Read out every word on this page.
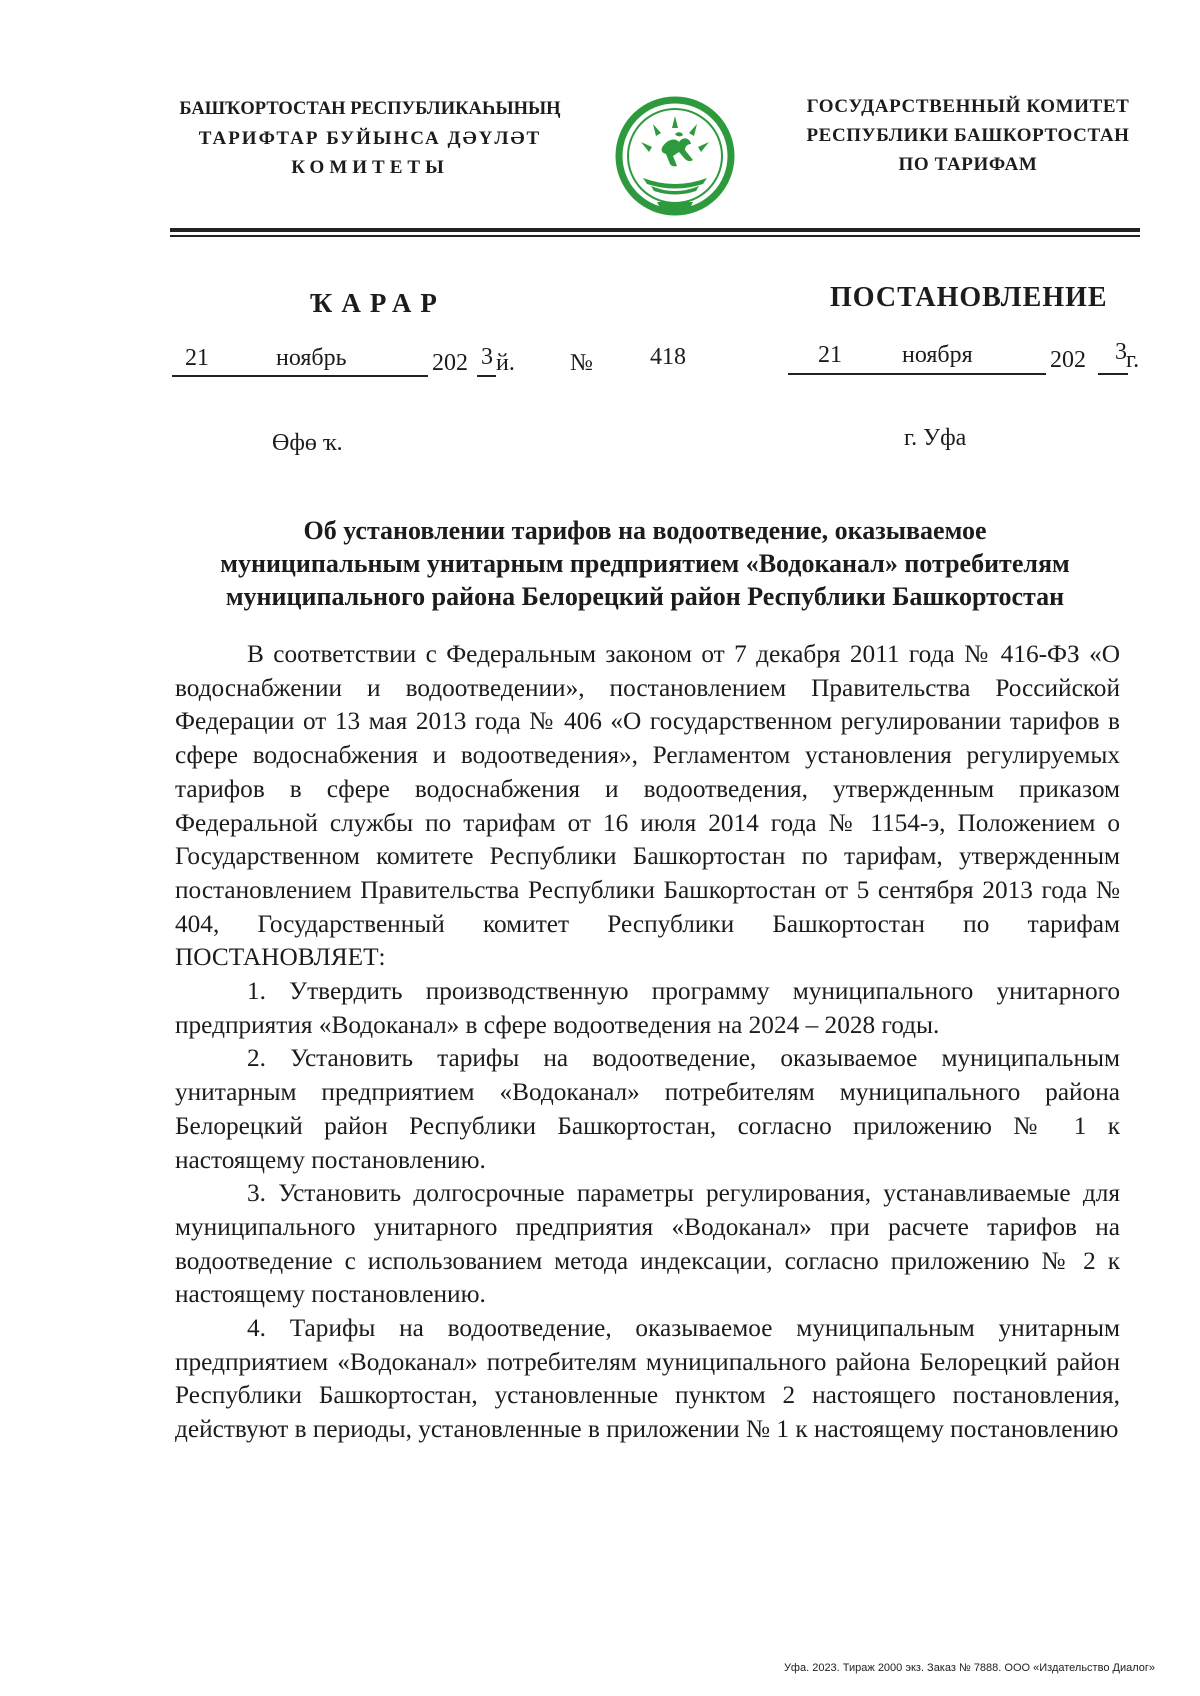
БАШҠОРТОСТАН РЕСПУБЛИКАҺЫНЫҢ
ТАРИФТАР БУЙЫНСА ДӘҮЛӘТ
КОМИТЕТЫ
ГОСУДАРСТВЕННЫЙ КОМИТЕТ
РЕСПУБЛИКИ БАШКОРТОСТАН
ПО ТАРИФАМ
ҠАРАР	ПОСТАНОВЛЕНИЕ
21	ноябрь	202 3 й. № 418	21	ноября	202 3 г.
Өфө ҡ.	г. Уфа
Об установлении тарифов на водоотведение, оказываемое
муниципальным унитарным предприятием «Водоканал» потребителям
муниципального района Белорецкий район Республики Башкортостан

В соответствии с Федеральным законом от 7 декабря 2011 года № 416-ФЗ «О водоснабжении и водоотведении», постановлением Правительства Российской Федерации от 13 мая 2013 года № 406 «О государственном регулировании тарифов в сфере водоснабжения и водоотведения», Регламентом установления регулируемых тарифов в сфере водоснабжения и водоотведения, утвержденным приказом Федеральной службы по тарифам от 16 июля 2014 года № 1154-э, Положением о Государственном комитете Республики Башкортостан по тарифам, утвержденным постановлением Правительства Республики Башкортостан от 5 сентября 2013 года № 404, Государственный комитет Республики Башкортостан по тарифам ПОСТАНОВЛЯЕТ:

1. Утвердить производственную программу муниципального унитарного предприятия «Водоканал» в сфере водоотведения на 2024 – 2028 годы.

2. Установить тарифы на водоотведение, оказываемое муниципальным унитарным предприятием «Водоканал» потребителям муниципального района Белорецкий район Республики Башкортостан, согласно приложению № 1 к настоящему постановлению.

3. Установить долгосрочные параметры регулирования, устанавливаемые для муниципального унитарного предприятия «Водоканал» при расчете тарифов на водоотведение с использованием метода индексации, согласно приложению № 2 к настоящему постановлению.

4. Тарифы на водоотведение, оказываемое муниципальным унитарным предприятием «Водоканал» потребителям муниципального района Белорецкий район Республики Башкортостан, установленные пунктом 2 настоящего постановления, действуют в периоды, установленные в приложении № 1 к настоящему постановлению

Уфа. 2023. Тираж 2000 экз. Заказ № 7888. ООО «Издательство Диалог»
